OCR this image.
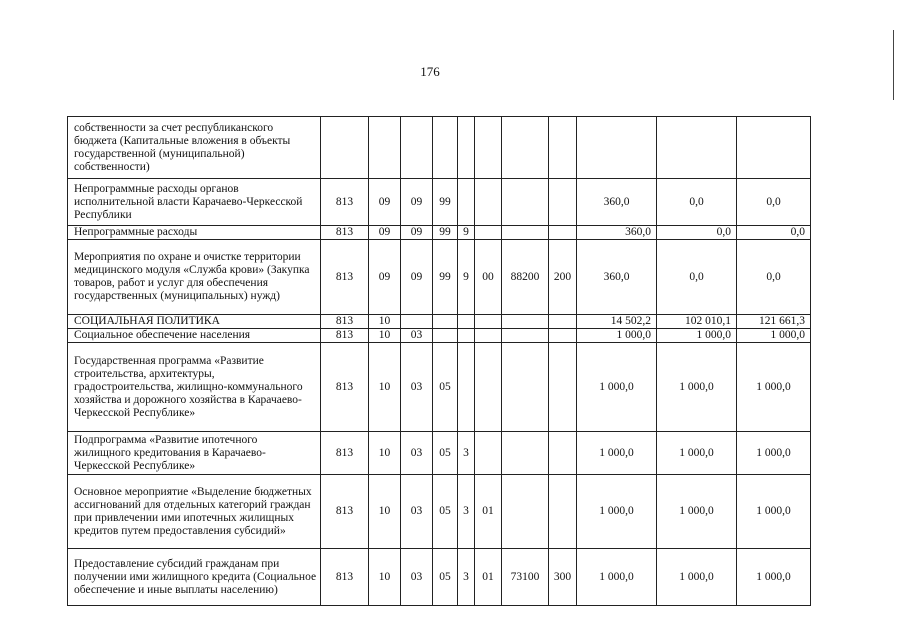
176
собственности за счет республиканского бюджета (Капитальные вложения в объекты государственной (муниципальной) собственности)											
Непрограммные расходы органов исполнительной власти Карачаево-Черкесской Республики	813	09	09	99					360,0	0,0	0,0
Непрограммные расходы	813	09	09	99	9				360,0	0,0	0,0
Мероприятия по охране и очистке территории медицинского модуля «Служба крови» (Закупка товаров, работ и услуг для обеспечения государственных (муниципальных) нужд)	813	09	09	99	9	00	88200	200	360,0	0,0	0,0
СОЦИАЛЬНАЯ ПОЛИТИКА	813	10							14 502,2	102 010,1	121 661,3
Социальное обеспечение населения	813	10	03						1 000,0	1 000,0	1 000,0
Государственная программа «Развитие строительства, архитектуры, градостроительства, жилищно-коммунального хозяйства и дорожного хозяйства в Карачаево-Черкесской Республике»	813	10	03	05					1 000,0	1 000,0	1 000,0
Подпрограмма «Развитие ипотечного жилищного кредитования в Карачаево-Черкесской Республике»	813	10	03	05	3				1 000,0	1 000,0	1 000,0
Основное мероприятие «Выделение бюджетных ассигнований для отдельных категорий граждан при привлечении ими ипотечных жилищных кредитов путем предоставления субсидий»	813	10	03	05	3	01			1 000,0	1 000,0	1 000,0
Предоставление субсидий гражданам при получении ими жилищного кредита (Социальное обеспечение и иные выплаты населению)	813	10	03	05	3	01	73100	300	1 000,0	1 000,0	1 000,0
